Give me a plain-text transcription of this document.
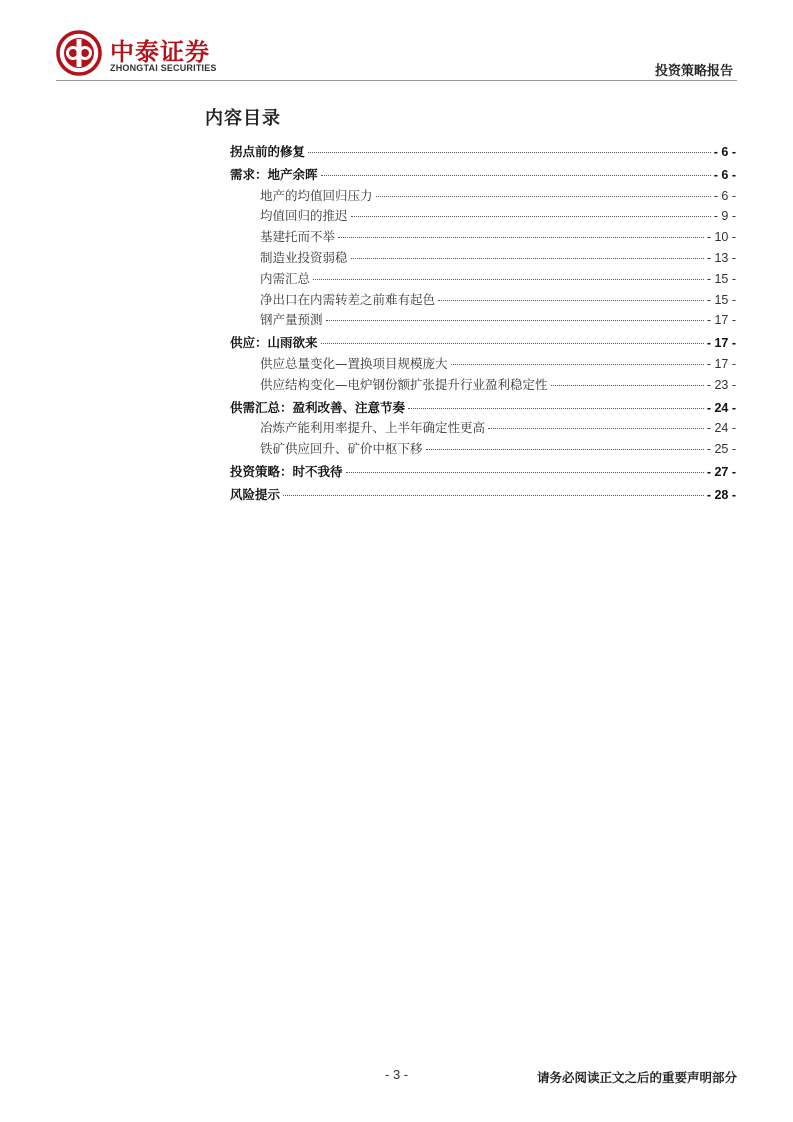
中泰证券
ZHONGTAI SECURITIES	投资策略报告
内容目录
拐点前的修复	- 6 -
需求：地产余晖	- 6 -
地产的均值回归压力	- 6 -
均值回归的推迟	- 9 -
基建托而不举	- 10 -
制造业投资弱稳	- 13 -
内需汇总	- 15 -
净出口在内需转差之前难有起色	- 15 -
钢产量预测	- 17 -
供应：山雨欲来	- 17 -
供应总量变化—置换项目规模庞大	- 17 -
供应结构变化—电炉钢份额扩张提升行业盈利稳定性	- 23 -
供需汇总：盈利改善、注意节奏	- 24 -
冶炼产能利用率提升、上半年确定性更高	- 24 -
铁矿供应回升、矿价中枢下移	- 25 -
投资策略：时不我待	- 27 -
风险提示	- 28 -
- 3 -	请务必阅读正文之后的重要声明部分
